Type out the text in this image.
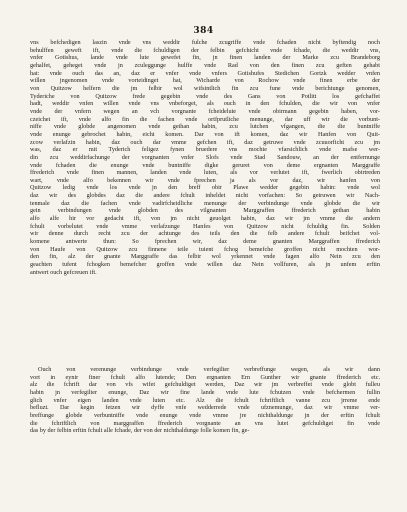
384
vns befchedigen laszin vnde vns weddir fulche zcugriffe vnde fchaden nicht byftendig noch
behulffen geweft ift, vnde die fchuldigen der felbin gefchicht vnde fchade, die weddir vns,
vnfer Gotishus, lande vnde lute gewefet fin, jn finen landen der Marke zcu Brandeborg
gehalfet, geheget vnde jn zculeggunge hulffe vnde Rad von den finen zcu geften gehabt
hat: vnde ouch das an, daz er vnfer vnde vnfers Gotishufes Stedichen Gortzk wedder vnfen
willen jngenomen vnde vorteidinget hat, Wicharde von Rochow vnde finen erbe der
von Quitzow helfern die jm felbir wol wifsintlich fin zcu fune vnde berichtunge genomen,
Tyderiche von Quitzow frede gegebin vnde des Gans von Potlitt los gefchaffet
hadt, weddir vnfen willen vnde vns vnbeforget, als ouch in den fchulden, die wir von vnfer
vnde der vnfern wegen an vch vorgnante fcheidelute vnde obirmann gegebin haben, vor-
czeichet ift, vnde alfo fin die fachen vnde ortfprutliche menunge, dar uff wir die vorbunt-
niffe vnde globde angenomen vnde gethan habin, zcu lutchen vfgangen, die die buntniffe
vnde enunge gebrochet habin, eicht komen. Dar von ift komen, daz wir Hanfen von Quit-
zcow verlafzin habin, daz ouch dar vmme gefchen ift, daz getruwe vnde zcuuorficht zcu jm
was, daz er mit Tyderich feligez fynen bruedere vns mochte vfarsichlich vnde mafse wer-
din zcu weddirfachunge der vorgnanten vnfer Slofs vnde Stad Sandouw, an der entfernunge
vnde fchaden die enunge vnde buntniffe digke geruret von deme ergnanten Marggraffe
ffrederich vnde finen mannen, landen vnde luten, als vor verlutet ift, fwerlich obirtreden
wart, vnde alfo bekennen wir vnde fprechen ja als vor daz, wir hanfen von
Quitzow ledig vnde los vnde jn den breff obir Plawe wedder gegebin habin: vnde wol
daz wir des globdes daz die andere fchult inheldet nicht vorfachen: So getruwen wir Nach-
tenmale daz die fachen vnde vadirfcheidliche menunge der verbindunge vnde globde die wir
gein verbindungen vnde globden des vilgnanten Marggraffen ffrederich gethan habin
alfo alfe hir vor gedacht ift, von jm nicht geuolget habin, daz wir jm vmme die andern
fchult vorbelutet vnde vmme verlafzunge Hanfes von Quitzow nicht fchuldig fin. Solden
wir denne durch recht zcu der achtunge des teils den die felb andere fchult beifchet vol-
komene antwerte thun: So fprechen wir, daz deme gnanten Marggraffen ffrederich
von Haufe von Quitzow zcu finnene teile tuient fchog bemefche groffen nicht mochten wor-
den fin, alz der gnante Marggraffe das felbir wol yrkennet vnde fagen alfo Nein zcu den
geachten tufent fchogken bemefcher groffen vnde willen daz Nein vollfuren, als jn unfem erftin
antwert ouch gefcreuen ift.
Ouch von verenunge verbindunge vnde verfegilter verbreffunge wegen, als wir dann
vort in eynir finer fchult alfo lutende; Den ergnanten Ern Gunther wir gnante ffrederich etc.
alz die fchrift dar von vfs wifet gefchuldiget werden, Daz wir jm verbreffet vnde globt fulleu
habin jn verfegilter enunge, Daz wir fine lande vnde lute fchutzen vnde befchermen fullin
glich vnfer eigen landen vnde luten etc. Alz die fchult fchriftlich vanne zcu jrreme ende
befluzt. Dar kegin fetzen wir dyffe vnfe wedderrede vnde ufznemunge, daz wir vmme ver-
breffunge globde verbuntniffe vnde enunge vnde vmme jre nichthaldunge jn der erftin fchult
die fchriftlich von marggraffen ffrederich vorgnante an vns lutet gefchuldiget fin vnde
das by der felbin erftin fchult alle fchade, der von der nichthaldunge folle komen fin, ge-
